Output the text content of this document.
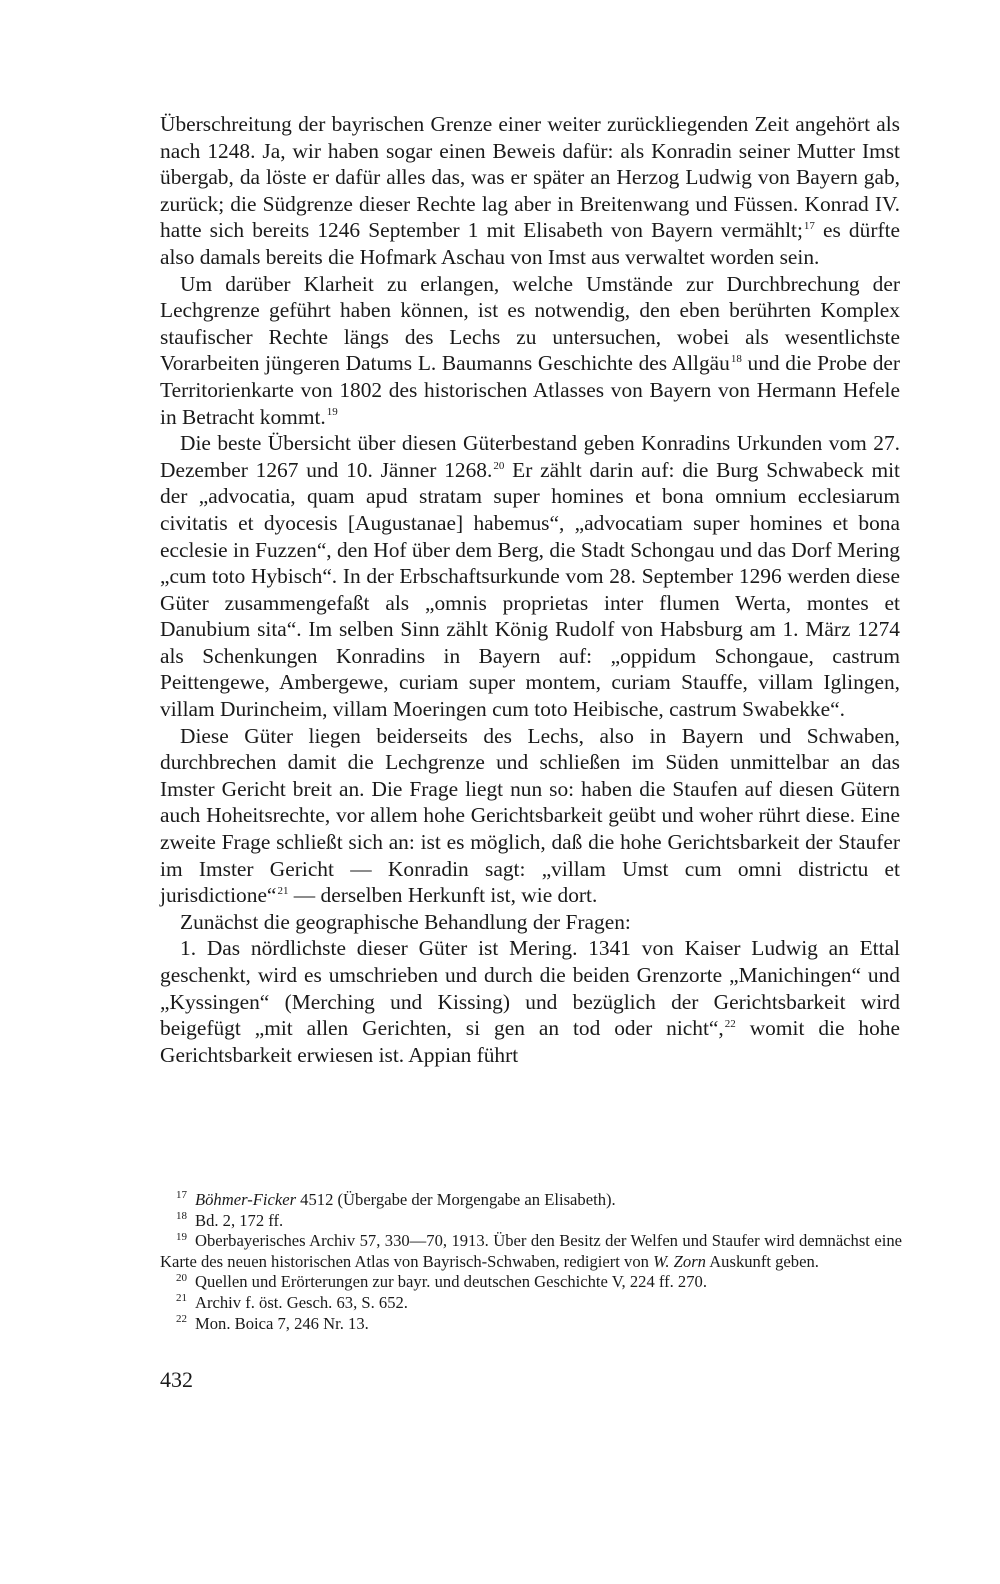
Überschreitung der bayrischen Grenze einer weiter zurückliegenden Zeit angehört als nach 1248. Ja, wir haben sogar einen Beweis dafür: als Konradin seiner Mutter Imst übergab, da löste er dafür alles das, was er später an Herzog Ludwig von Bayern gab, zurück; die Südgrenze dieser Rechte lag aber in Breitenwang und Füssen. Konrad IV. hatte sich bereits 1246 September 1 mit Elisabeth von Bayern vermählt;$^{17}$ es dürfte also damals bereits die Hofmark Aschau von Imst aus verwaltet worden sein.

Um darüber Klarheit zu erlangen, welche Umstände zur Durchbrechung der Lechgrenze geführt haben können, ist es notwendig, den eben berührten Komplex staufischer Rechte längs des Lechs zu untersuchen, wobei als wesentlichste Vorarbeiten jüngeren Datums L. Baumanns Geschichte des Allgäu$^{18}$ und die Probe der Territorienkarte von 1802 des historischen Atlasses von Bayern von Hermann Hefele in Betracht kommt.$^{19}$

Die beste Übersicht über diesen Güterbestand geben Konradins Urkunden vom 27. Dezember 1267 und 10. Jänner 1268.20 Er zählt darin auf: die Burg Schwabeck mit der „advocatia, quam apud stratam super homines et bona omnium ecclesiarum civitatis et dyocesis [Augustanae] habemus“, „advocatiam super homines et bona ecclesie in Fuzzen“, den Hof über dem Berg, die Stadt Schongau und das Dorf Mering „cum toto Hybisch“. In der Erbschaftsurkunde vom 28. September 1296 werden diese Güter zusammengefaßt als „omnis proprietas inter flumen Werta, montes et Danubium sita“. Im selben Sinn zählt König Rudolf von Habsburg am 1. März 1274 als Schenkungen Konradins in Bayern auf: „oppidum Schongaue, castrum Peittengewe, Ambergewe, curiam super montem, curiam Stauffe, villam Iglingen, villam Durincheim, villam Moeringen cum toto Heibische, castrum Swabekke“.

Diese Güter liegen beiderseits des Lechs, also in Bayern und Schwaben, durchbrechen damit die Lechgrenze und schließen im Süden unmittelbar an das Imster Gericht breit an. Die Frage liegt nun so: haben die Staufen auf diesen Gütern auch Hoheitsrechte, vor allem hohe Gerichtsbarkeit geübt und woher rührt diese. Eine zweite Frage schließt sich an: ist es möglich, daß die hohe Gerichtsbarkeit der Staufer im Imster Gericht — Konradin sagt: „villam Umst cum omni districtu et jurisdictione“$^{21}$ — derselben Herkunft ist, wie dort.

Zunächst die geographische Behandlung der Fragen:

1. Das nördlichste dieser Güter ist Mering. 1341 von Kaiser Ludwig an Ettal geschenkt, wird es umschrieben und durch die beiden Grenzorte „Manichingen“ und „Kyssingen“ (Merching und Kissing) und bezüglich der Gerichtsbarkeit wird beigefügt „mit allen Gerichten, si gen an tod oder nicht“,$^{22}$ womit die hohe Gerichtsbarkeit erwiesen ist. Appian führt

$^{17}$ Böhmer-Ficker 4512 (Übergabe der Morgengabe an Elisabeth).

$^{18}$ Bd. 2, 172 ff.

$^{19}$ Oberbayerisches Archiv 57, 330—70, 1913. Über den Besitz der Welfen und Staufer wird demnächst eine Karte des neuen historischen Atlas von Bayrisch-Schwaben, redigiert von W. Zorn Auskunft geben.

$^{20}$ Quellen und Erörterungen zur bayr. und deutschen Geschichte V, 224 ff. 270.

$^{21}$ Archiv f. öst. Gesch. 63, S. 652.

$^{22}$ Mon. Boica 7, 246 Nr. 13.

432
